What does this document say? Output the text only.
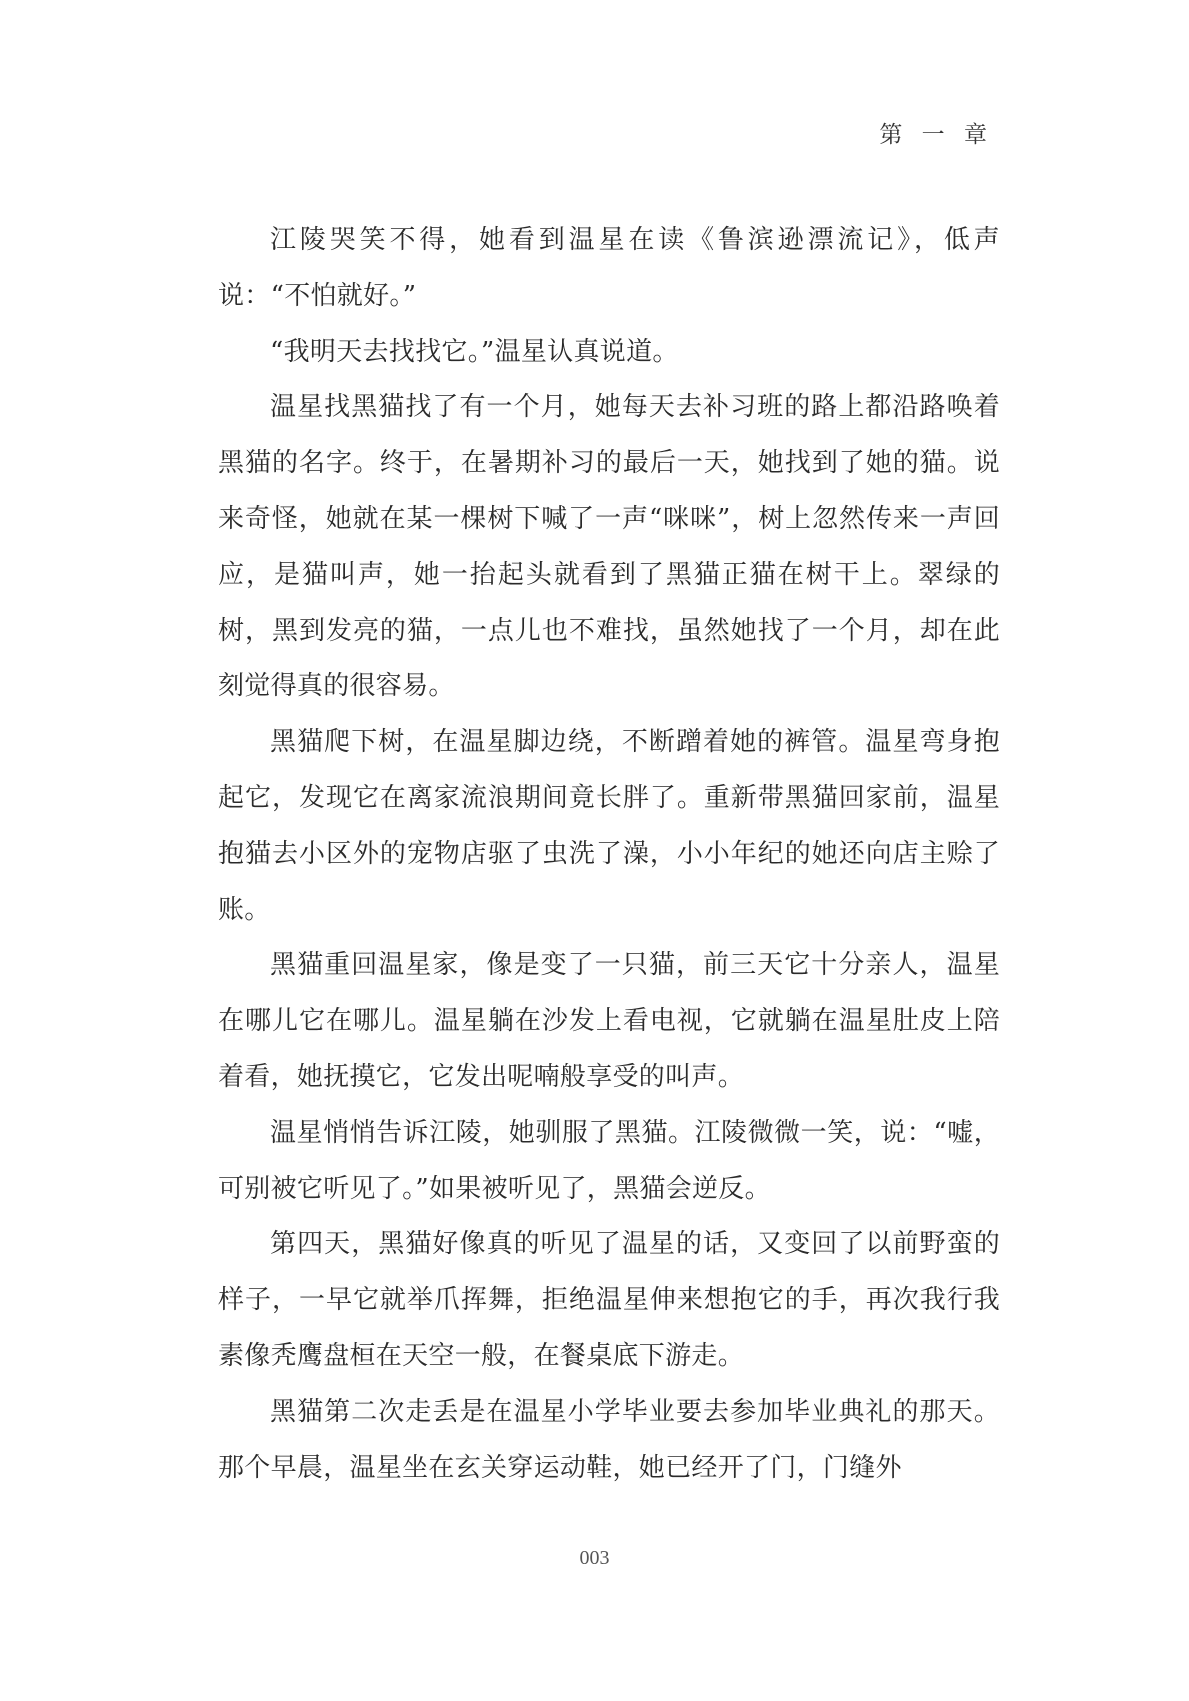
第 一 章

江陵哭笑不得，她看到温星在读《鲁滨逊漂流记》，低声说：“不怕就好。”

“我明天去找找它。”温星认真说道。

温星找黑猫找了有一个月，她每天去补习班的路上都沿路唤着黑猫的名字。终于，在暑期补习的最后一天，她找到了她的猫。说来奇怪，她就在某一棵树下喊了一声“咪咪”，树上忽然传来一声回应，是猫叫声，她一抬起头就看到了黑猫正猫在树干上。翠绿的树，黑到发亮的猫，一点儿也不难找，虽然她找了一个月，却在此刻觉得真的很容易。

黑猫爬下树，在温星脚边绕，不断蹭着她的裤管。温星弯身抱起它，发现它在离家流浪期间竟长胖了。重新带黑猫回家前，温星抱猫去小区外的宠物店驱了虫洗了澡，小小年纪的她还向店主赊了账。

黑猫重回温星家，像是变了一只猫，前三天它十分亲人，温星在哪儿它在哪儿。温星躺在沙发上看电视，它就躺在温星肚皮上陪着看，她抚摸它，它发出呢喃般享受的叫声。

温星悄悄告诉江陵，她驯服了黑猫。江陵微微一笑，说：“嘘，可别被它听见了。”如果被听见了，黑猫会逆反。

第四天，黑猫好像真的听见了温星的话，又变回了以前野蛮的样子，一早它就举爪挥舞，拒绝温星伸来想抱它的手，再次我行我素像秃鹰盘桓在天空一般，在餐桌底下游走。

黑猫第二次走丢是在温星小学毕业要去参加毕业典礼的那天。那个早晨，温星坐在玄关穿运动鞋，她已经开了门，门缝外

003
